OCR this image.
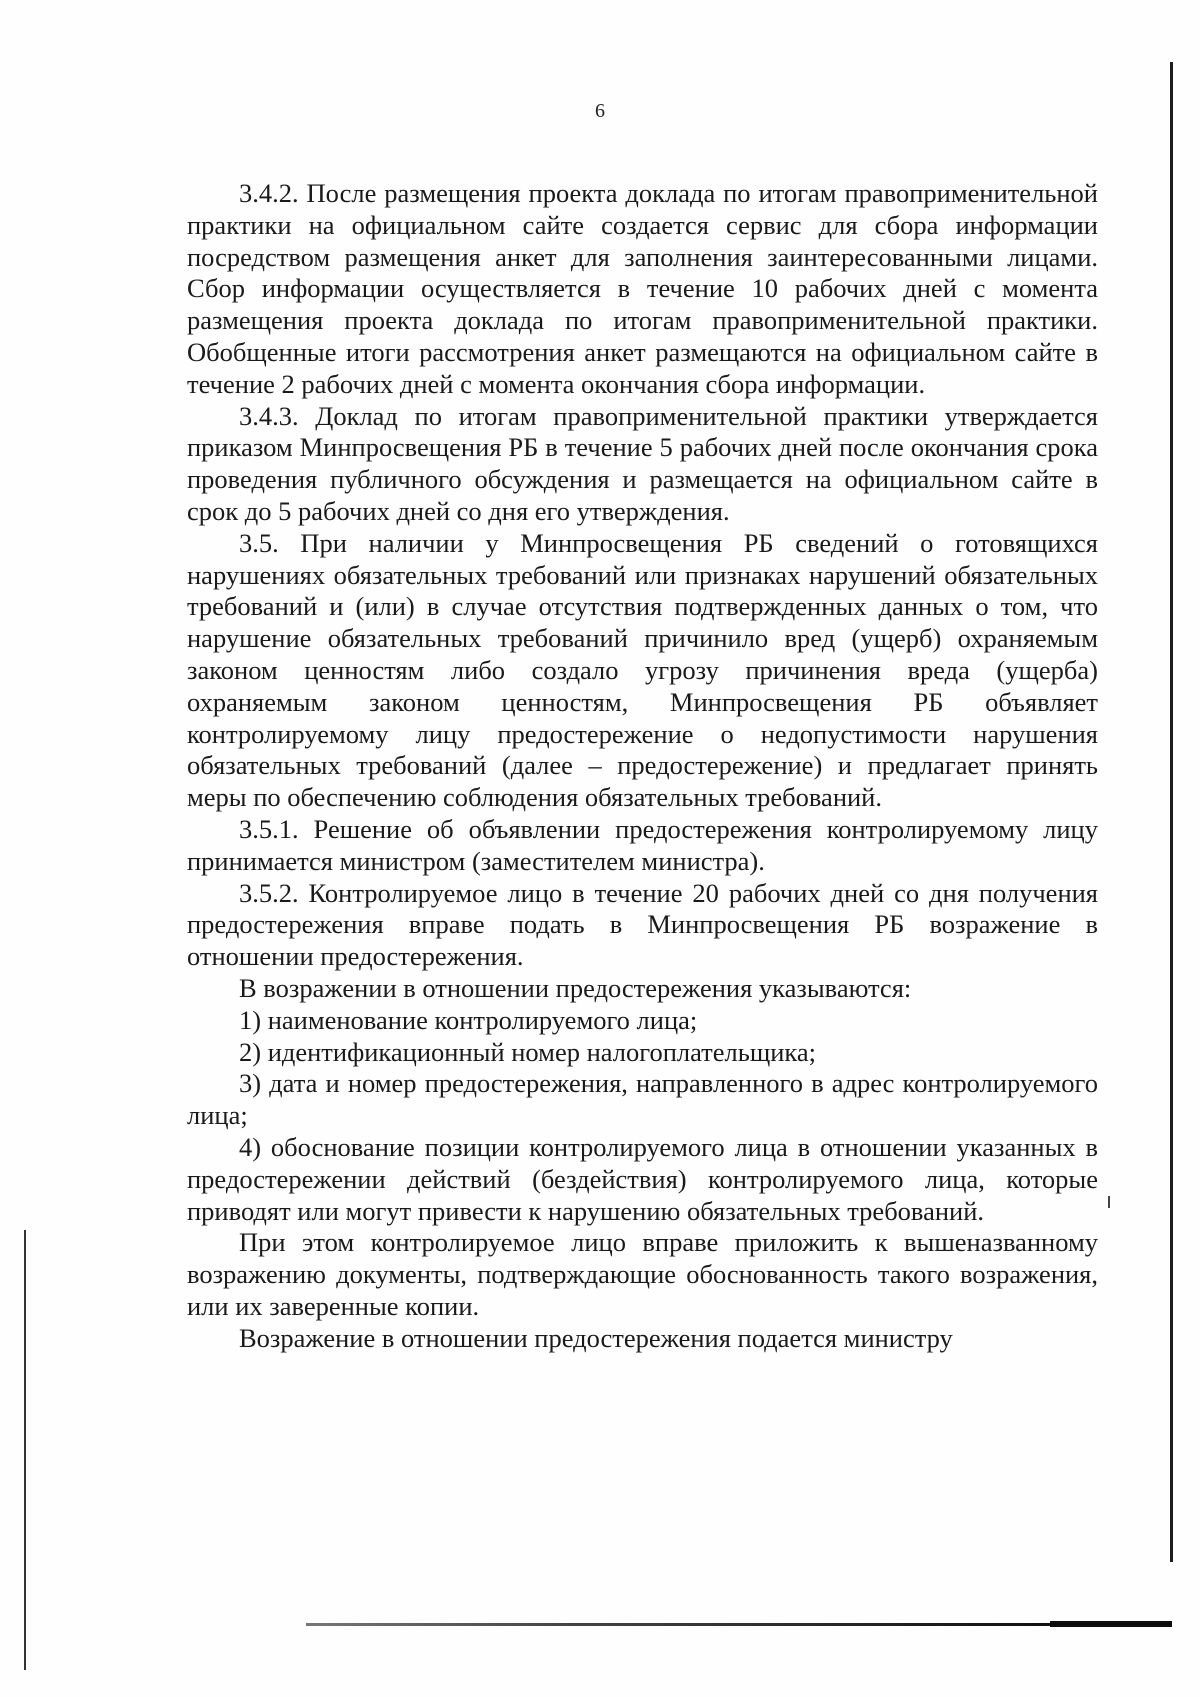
6

3.4.2. После размещения проекта доклада по итогам правоприменительной практики на официальном сайте создается сервис для сбора информации посредством размещения анкет для заполнения заинтересованными лицами. Сбор информации осуществляется в течение 10 рабочих дней с момента размещения проекта доклада по итогам правоприменительной практики. Обобщенные итоги рассмотрения анкет размещаются на официальном сайте в течение 2 рабочих дней с момента окончания сбора информации.

3.4.3. Доклад по итогам правоприменительной практики утверждается приказом Минпросвещения РБ в течение 5 рабочих дней после окончания срока проведения публичного обсуждения и размещается на официальном сайте в срок до 5 рабочих дней со дня его утверждения.

3.5. При наличии у Минпросвещения РБ сведений о готовящихся нарушениях обязательных требований или признаках нарушений обязательных требований и (или) в случае отсутствия подтвержденных данных о том, что нарушение обязательных требований причинило вред (ущерб) охраняемым законом ценностям либо создало угрозу причинения вреда (ущерба) охраняемым законом ценностям, Минпросвещения РБ объявляет контролируемому лицу предостережение о недопустимости нарушения обязательных требований (далее – предостережение) и предлагает принять меры по обеспечению соблюдения обязательных требований.

3.5.1. Решение об объявлении предостережения контролируемому лицу принимается министром (заместителем министра).

3.5.2. Контролируемое лицо в течение 20 рабочих дней со дня получения предостережения вправе подать в Минпросвещения РБ возражение в отношении предостережения.

В возражении в отношении предостережения указываются:

1) наименование контролируемого лица;

2) идентификационный номер налогоплательщика;

3) дата и номер предостережения, направленного в адрес контролируемого лица;

4) обоснование позиции контролируемого лица в отношении указанных в предостережении действий (бездействия) контролируемого лица, которые приводят или могут привести к нарушению обязательных требований.

При этом контролируемое лицо вправе приложить к вышеназванному возражению документы, подтверждающие обоснованность такого возражения, или их заверенные копии.

Возражение в отношении предостережения подается министру
